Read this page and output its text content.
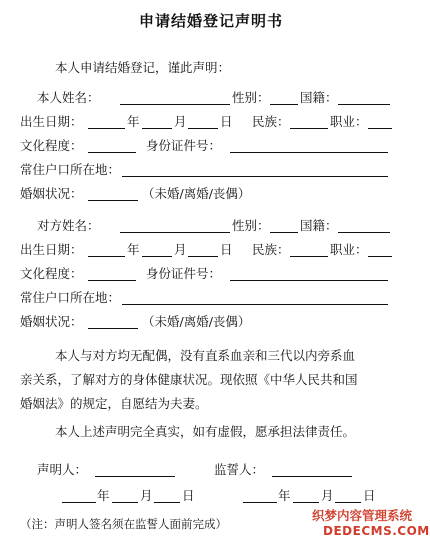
申请结婚登记声明书
本人申请结婚登记，谨此声明：
本人姓名：	性别： 国籍：
出生日期：	年	月	日 民族：	职业：
文化程度：	身份证件号：
常住户口所在地：
婚姻状况：	（未婚/离婚/丧偶）
对方姓名：	性别： 国籍：
出生日期：	年	月	日 民族：	职业：
文化程度：	身份证件号：
常住户口所在地：
婚姻状况：	（未婚/离婚/丧偶）
本人与对方均无配偶，没有直系血亲和三代以内旁系血
亲关系，了解对方的身体健康状况。现依照《中华人民共和国
婚姻法》的规定，自愿结为夫妻。
本人上述声明完全真实，如有虚假，愿承担法律责任。
声明人：	监誓人：
年 月 日	年 月 日
（注：声明人签名须在监誓人面前完成）
织梦内容管理系统
DEDECMS.COM
